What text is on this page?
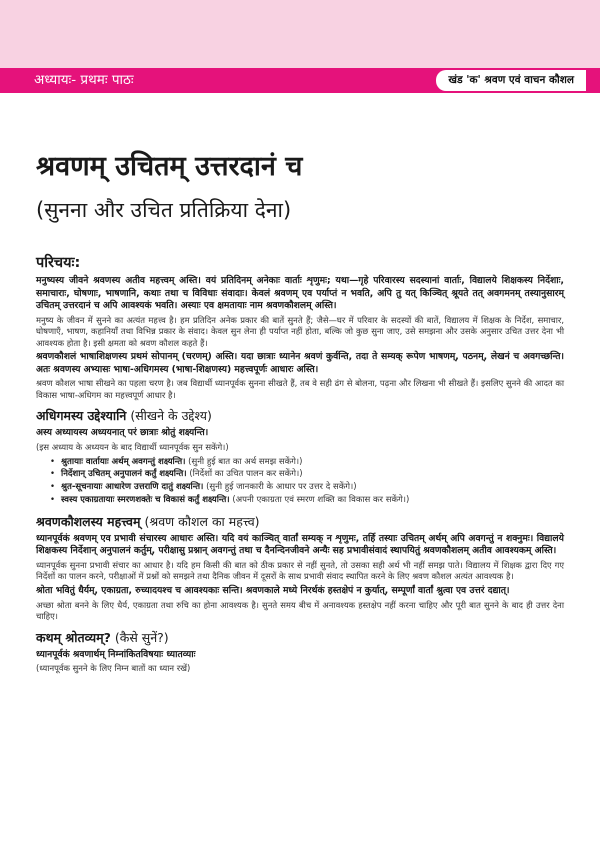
अध्यायः- प्रथमः पाठः	खंड 'क' श्रवण एवं वाचन कौशल
श्रवणम् उचितम् उत्तरदानं च
(सुनना और उचित प्रतिक्रिया देना)
परिचयः:

मनुष्यस्य जीवने श्रवणस्य अतीव महत्त्वम् अस्ति। वयं प्रतिदिनम् अनेकाः वार्ताः शृणुमः; यथा—गृहे परिवारस्य सदस्यानां वार्ताः, विद्यालये शिक्षकस्य निर्देशाः, समाचाराः, घोषणाः, भाषणानि, कथाः तथा च विविधाः संवादाः। केवलं श्रवणम् एव पर्याप्तं न भवति, अपि तु यत् किञ्चित् श्रूयते तत् अवगमनम् तस्यानुसारम् उचितम् उत्तरदानं च अपि आवश्यकं भवति। अस्याः एव क्षमतायाः नाम श्रवणकौशलम् अस्ति।

मनुष्य के जीवन में सुनने का अत्यंत महत्त्व है। हम प्रतिदिन अनेक प्रकार की बातें सुनते हैं; जैसे—घर में परिवार के सदस्यों की बातें, विद्यालय में शिक्षक के निर्देश, समाचार, घोषणाएँ, भाषण, कहानियाँ तथा विभिन्न प्रकार के संवाद। केवल सुन लेना ही पर्याप्त नहीं होता, बल्कि जो कुछ सुना जाए, उसे समझना और उसके अनुसार उचित उत्तर देना भी आवश्यक होता है। इसी क्षमता को श्रवण कौशल कहते हैं।

श्रवणकौशलं भाषाशिक्षणस्य प्रथमं सोपानम् (चरणम्) अस्ति। यदा छात्राः ध्यानेन श्रवणं कुर्वन्ति, तदा ते सम्यक् रूपेण भाषणम्, पठनम्, लेखनं च अवगच्छन्ति। अतः श्रवणस्य अभ्यासः भाषा-अधिगमस्य (भाषा-शिक्षणस्य) महत्त्वपूर्णः आधारः अस्ति।

श्रवण कौशल भाषा सीखने का पहला चरण है। जब विद्यार्थी ध्यानपूर्वक सुनना सीखते हैं, तब वे सही ढंग से बोलना, पढ़ना और लिखना भी सीखते हैं। इसलिए सुनने की आदत का विकास भाषा-अधिगम का महत्त्वपूर्ण आधार है।

अधिगमस्य उद्देश्यानि (सीखने के उद्देश्य)

अस्य अध्यायस्य अध्ययनात् परं छात्राः श्रोतुं शक्ष्यन्ति।

(इस अध्याय के अध्ययन के बाद विद्यार्थी ध्यानपूर्वक सुन सकेंगे।)

• श्रुतायाः वार्तायाः अर्थम् अवगन्तुं शक्ष्यन्ति। (सुनी हुई बात का अर्थ समझ सकेंगे।)
• निर्देशान् उचितम् अनुपालनं कर्तुं शक्ष्यन्ति। (निर्देशों का उचित पालन कर सकेंगे।)
• श्रुत-सूचनायाः आधारेण उत्तराणि दातुं शक्ष्यन्ति। (सुनी हुई जानकारी के आधार पर उत्तर दे सकेंगे।)
• स्वस्य एकाग्रतायाः स्मरणशक्तेः च विकासं कर्तुं शक्ष्यन्ति। (अपनी एकाग्रता एवं स्मरण शक्ति का विकास कर सकेंगे।)
श्रवणकौशलस्य महत्त्वम् (श्रवण कौशल का महत्त्व)

ध्यानपूर्वकं श्रवणम् एव प्रभावी संचारस्य आधारः अस्ति। यदि वयं काञ्चित् वार्तां सम्यक् न शृणुमः, तर्हि तस्याः उचितम् अर्थम् अपि अवगन्तुं न शक्नुमः। विद्यालये शिक्षकस्य निर्देशान् अनुपालनं कर्तुम्, परीक्षासु प्रश्नान् अवगन्तुं तथा च दैनन्दिनजीवने अन्यैः सह प्रभावीसंवादं स्थापयितुं श्रवणकौशलम् अतीव आवश्यकम् अस्ति।

ध्यानपूर्वक सुनना प्रभावी संचार का आधार है। यदि हम किसी की बात को ठीक प्रकार से नहीं सुनते, तो उसका सही अर्थ भी नहीं समझ पाते। विद्यालय में शिक्षक द्वारा दिए गए निर्देशों का पालन करने, परीक्षाओं में प्रश्नों को समझने तथा दैनिक जीवन में दूसरों के साथ प्रभावी संवाद स्थापित करने के लिए श्रवण कौशल अत्यंत आवश्यक है।

श्रोता भवितुं धैर्यम्, एकाग्रता, रुच्यादयश्च च आवश्यकाः सन्ति। श्रवणकाले मध्ये निरर्थकं हस्तक्षेपं न कुर्यात्, सम्पूर्णां वार्तां श्रुत्वा एव उत्तरं दद्यात्।

अच्छा श्रोता बनने के लिए धैर्य, एकाग्रता तथा रुचि का होना आवश्यक है। सुनते समय बीच में अनावश्यक हस्तक्षेप नहीं करना चाहिए और पूरी बात सुनने के बाद ही उत्तर देना चाहिए।

कथम् श्रोतव्यम्? (कैसे सुनें?)

ध्यानपूर्वकं श्रवणार्थम् निम्नांकितविषयाः ध्यातव्याः

(ध्यानपूर्वक सुनने के लिए निम्न बातों का ध्यान रखें)
